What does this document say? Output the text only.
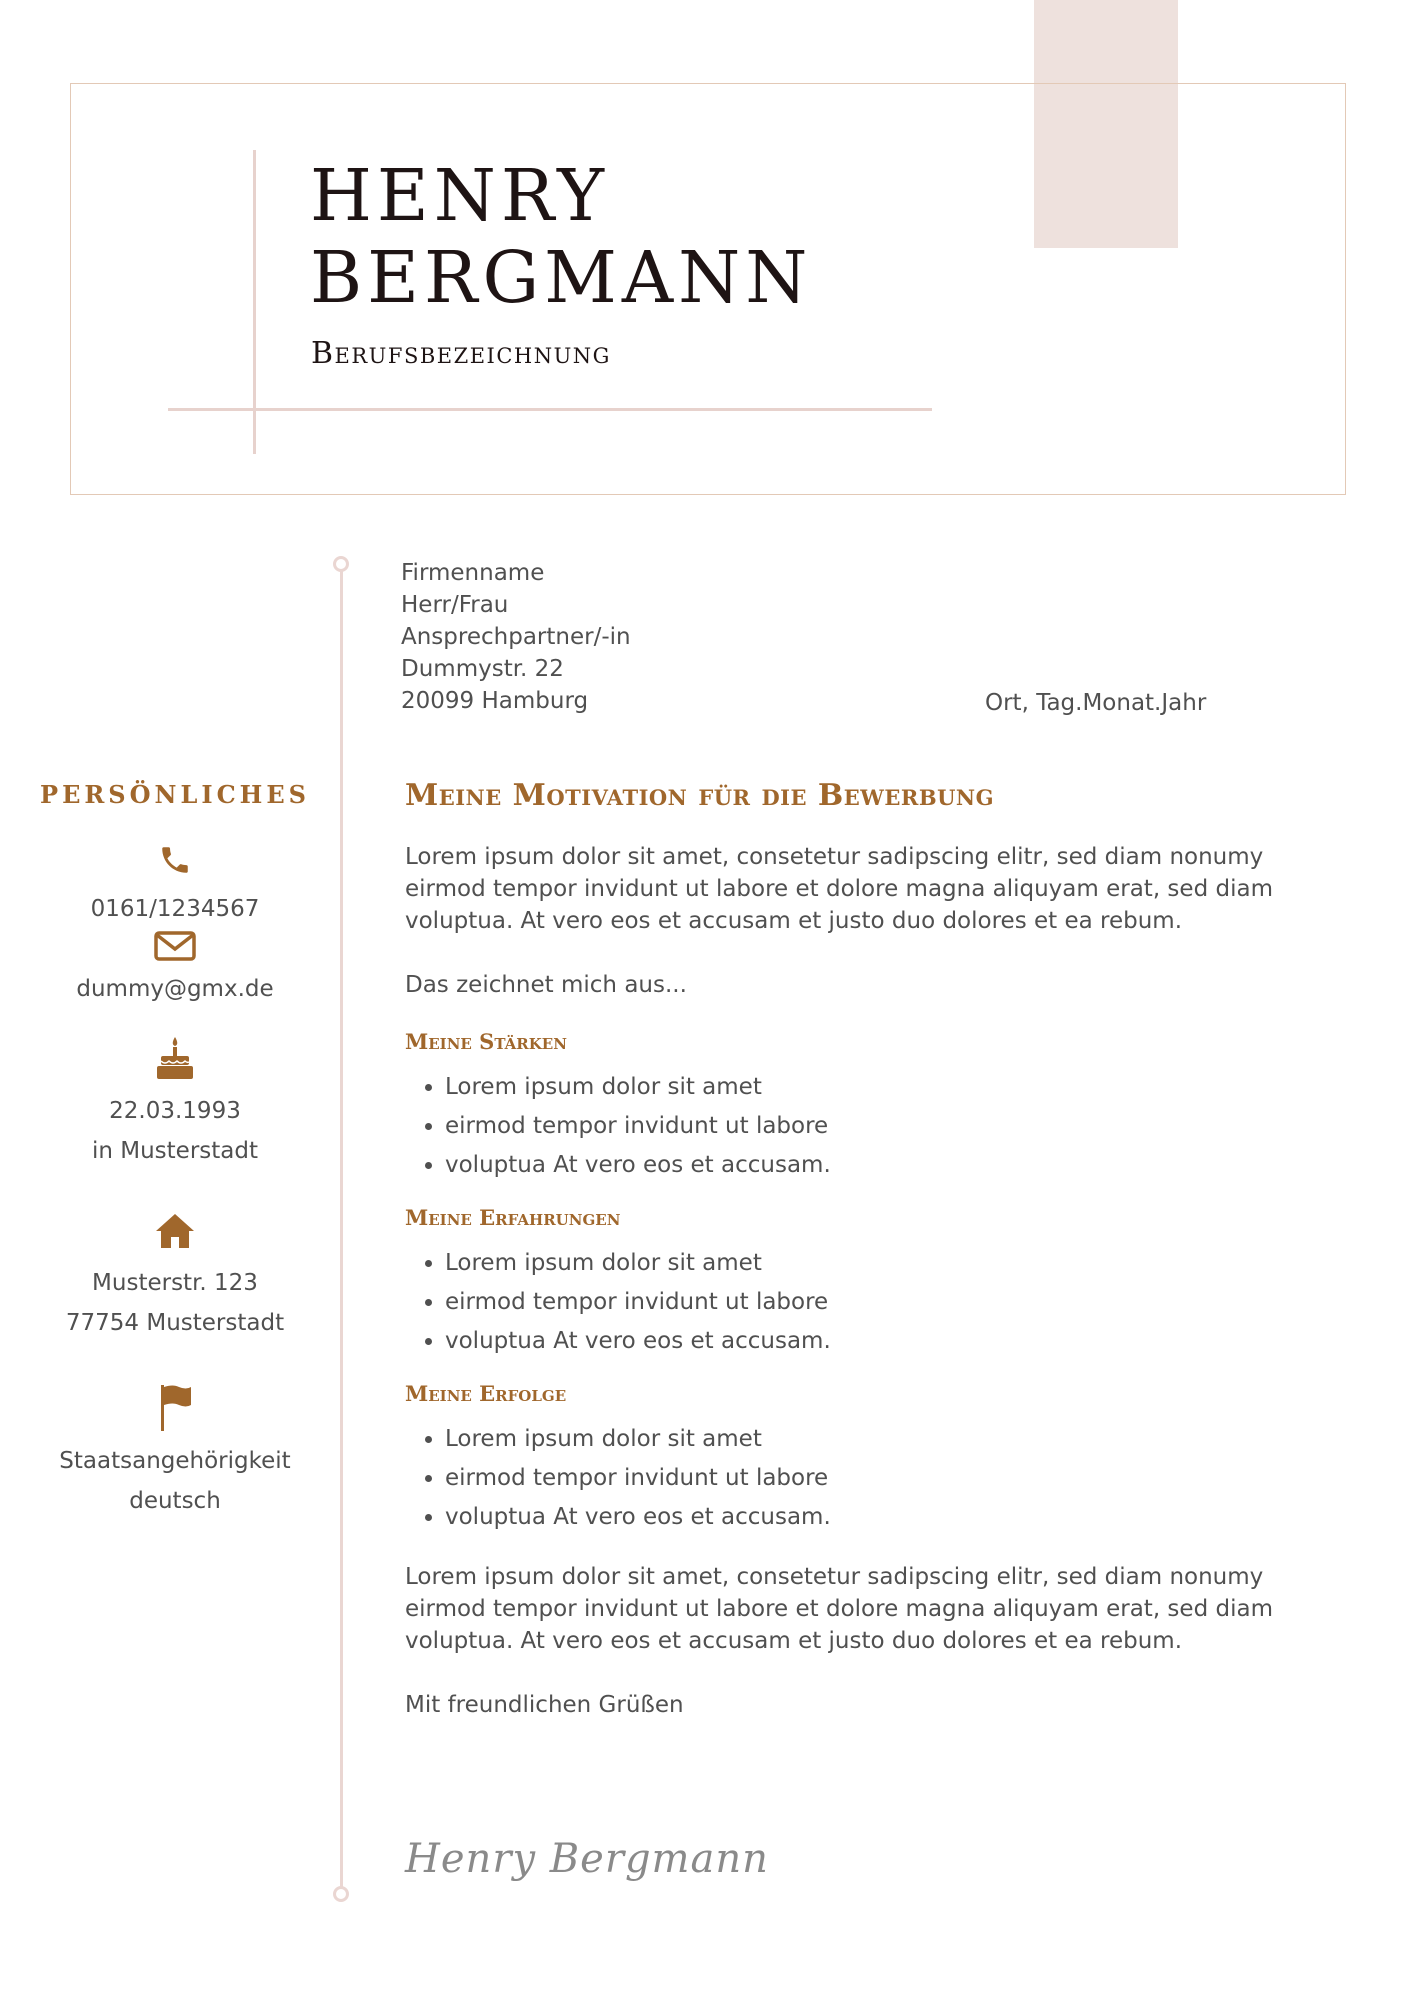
HENRY
BERGMANN
Berufsbezeichnung
Firmenname
Herr/Frau
Ansprechpartner/-in
Dummystr. 22
20099 Hamburg	Ort, Tag.Monat.Jahr
PERSÖNLICHES
0161/1234567
dummy@gmx.de
22.03.1993
in Musterstadt
Musterstr. 123
77754 Musterstadt
Staatsangehörigkeit
deutsch
Meine Motivation für die Bewerbung

Lorem ipsum dolor sit amet, consetetur sadipscing elitr, sed diam nonumy eirmod tempor invidunt ut labore et dolore magna aliquyam erat, sed diam voluptua. At vero eos et accusam et justo duo dolores et ea rebum.

Das zeichnet mich aus...

Meine Stärken
• Lorem ipsum dolor sit amet
• eirmod tempor invidunt ut labore
• voluptua At vero eos et accusam.
Meine Erfahrungen
• Lorem ipsum dolor sit amet
• eirmod tempor invidunt ut labore
• voluptua At vero eos et accusam.
Meine Erfolge
• Lorem ipsum dolor sit amet
• eirmod tempor invidunt ut labore
• voluptua At vero eos et accusam.

Lorem ipsum dolor sit amet, consetetur sadipscing elitr, sed diam nonumy eirmod tempor invidunt ut labore et dolore magna aliquyam erat, sed diam voluptua. At vero eos et accusam et justo duo dolores et ea rebum.

Mit freundlichen Grüßen

Henry Bergmann
